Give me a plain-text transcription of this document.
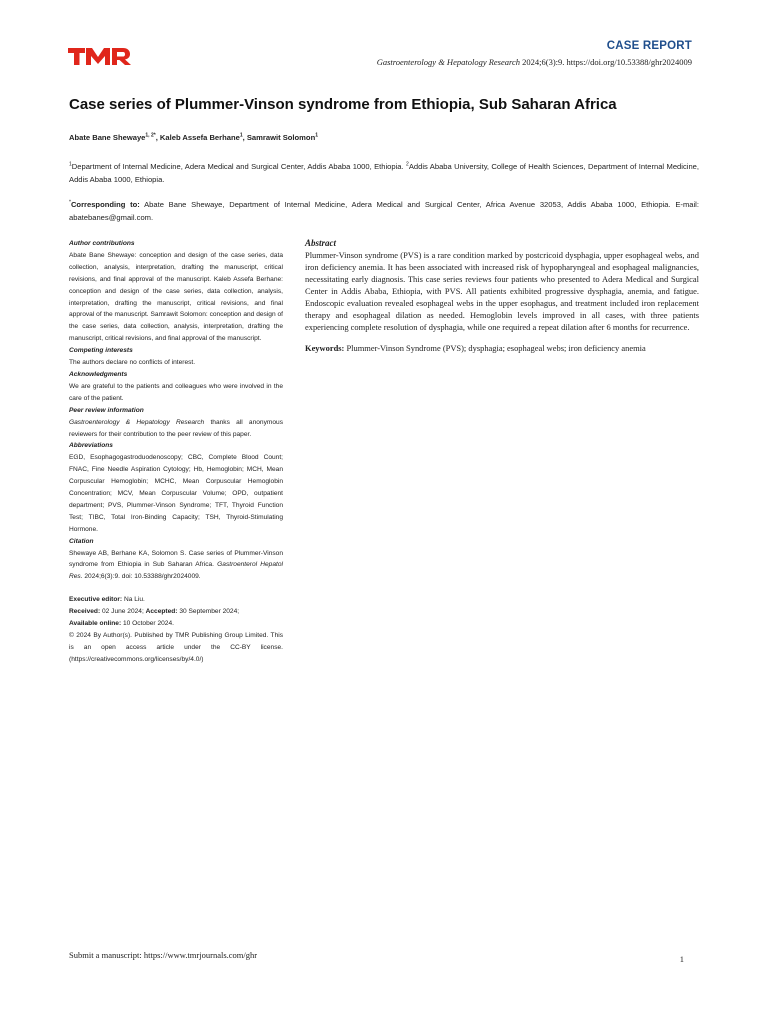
CASE REPORT
Gastroenterology & Hepatology Research 2024;6(3):9. https://doi.org/10.53388/ghr2024009
Case series of Plummer-Vinson syndrome from Ethiopia, Sub Saharan Africa
Abate Bane Shewaye$^{1, 2*}$, Kaleb Assefa Berhane$^1$, Samrawit Solomon$^1$
$^1$Department of Internal Medicine, Adera Medical and Surgical Center, Addis Ababa 1000, Ethiopia. $^2$Addis Ababa University, College of Health Sciences, Department of Internal Medicine, Addis Ababa 1000, Ethiopia.
*Corresponding to: Abate Bane Shewaye, Department of Internal Medicine, Adera Medical and Surgical Center, Africa Avenue 32053, Addis Ababa 1000, Ethiopia. E-mail: abatebanes@gmail.com.
Author contributions
Abate Bane Shewaye: conception and design of the case series, data collection, analysis, interpretation, drafting the manuscript, critical revisions, and final approval of the manuscript. Kaleb Assefa Berhane: conception and design of the case series, data collection, analysis, interpretation, drafting the manuscript, critical revisions, and final approval of the manuscript. Samrawit Solomon: conception and design of the case series, data collection, analysis, interpretation, drafting the manuscript, critical revisions, and final approval of the manuscript.
Competing interests
The authors declare no conflicts of interest.
Acknowledgments
We are grateful to the patients and colleagues who were involved in the care of the patient.
Peer review information
Gastroenterology & Hepatology Research thanks all anonymous reviewers for their contribution to the peer review of this paper.
Abbreviations
EGD, Esophagogastroduodenoscopy; CBC, Complete Blood Count; FNAC, Fine Needle Aspiration Cytology; Hb, Hemoglobin; MCH, Mean Corpuscular Hemoglobin; MCHC, Mean Corpuscular Hemoglobin Concentration; MCV, Mean Corpuscular Volume; OPD, outpatient department; PVS, Plummer-Vinson Syndrome; TFT, Thyroid Function Test; TIBC, Total Iron-Binding Capacity; TSH, Thyroid-Stimulating Hormone.
Citation
Shewaye AB, Berhane KA, Solomon S. Case series of Plummer-Vinson syndrome from Ethiopia in Sub Saharan Africa. Gastroenterol Hepatol Res. 2024;6(3):9. doi: 10.53388/ghr2024009.
Executive editor: Na Liu.
Received: 02 June 2024; Accepted: 30 September 2024;
Available online: 10 October 2024.
© 2024 By Author(s). Published by TMR Publishing Group Limited. This is an open access article under the CC-BY license. (https://creativecommons.org/licenses/by/4.0/)
Abstract
Plummer-Vinson syndrome (PVS) is a rare condition marked by postcricoid dysphagia, upper esophageal webs, and iron deficiency anemia. It has been associated with increased risk of hypopharyngeal and esophageal malignancies, necessitating early diagnosis. This case series reviews four patients who presented to Adera Medical and Surgical Center in Addis Ababa, Ethiopia, with PVS. All patients exhibited progressive dysphagia, anemia, and fatigue. Endoscopic evaluation revealed esophageal webs in the upper esophagus, and treatment included iron replacement therapy and esophageal dilation as needed. Hemoglobin levels improved in all cases, with three patients experiencing complete resolution of dysphagia, while one required a repeat dilation after 6 months for recurrence.
Keywords: Plummer-Vinson Syndrome (PVS); dysphagia; esophageal webs; iron deficiency anemia
Submit a manuscript: https://www.tmrjournals.com/ghr	1
